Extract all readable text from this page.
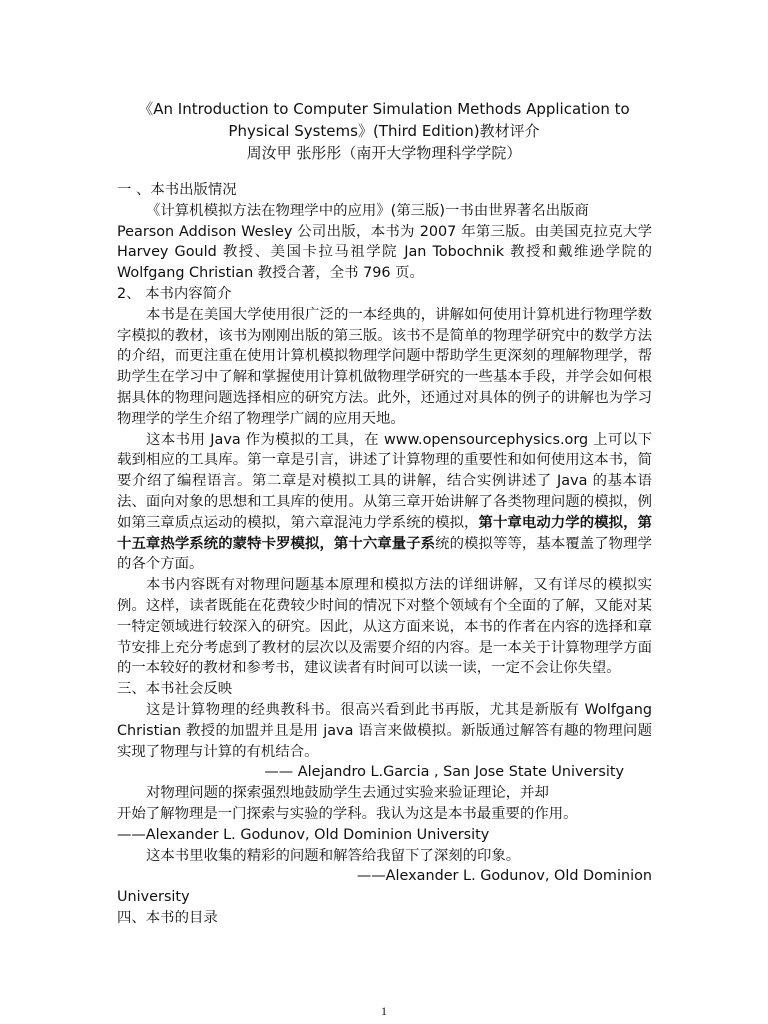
《An Introduction to Computer Simulation Methods Application to
Physical Systems》(Third Edition)教材评介
周汝甲 张彤彤（南开大学物理科学学院）

一 、本书出版情况

《计算机模拟方法在物理学中的应用》(第三版)一书由世界著名出版商

Pearson Addison Wesley 公司出版，本书为 2007 年第三版。由美国克拉克大学 Harvey Gould 教授、美国卡拉马祖学院 Jan Tobochnik 教授和戴维逊学院的 Wolfgang Christian 教授合著，全书 796 页。

2、 本书内容简介

本书是在美国大学使用很广泛的一本经典的，讲解如何使用计算机进行物理学数字模拟的教材，该书为刚刚出版的第三版。该书不是简单的物理学研究中的数学方法的介绍，而更注重在使用计算机模拟物理学问题中帮助学生更深刻的理解物理学，帮助学生在学习中了解和掌握使用计算机做物理学研究的一些基本手段，并学会如何根据具体的物理问题选择相应的研究方法。此外，还通过对具体的例子的讲解也为学习物理学的学生介绍了物理学广阔的应用天地。

这本书用 Java 作为模拟的工具，在 www.opensourcephysics.org 上可以下载到相应的工具库。第一章是引言，讲述了计算物理的重要性和如何使用这本书，简要介绍了编程语言。第二章是对模拟工具的讲解，结合实例讲述了 Java 的基本语法、面向对象的思想和工具库的使用。从第三章开始讲解了各类物理问题的模拟，例如第三章质点运动的模拟，第六章混沌力学系统的模拟，第十章电动力学的模拟，第十五章热学系统的蒙特卡罗模拟，第十六章量子系统的模拟等等，基本覆盖了物理学的各个方面。

本书内容既有对物理问题基本原理和模拟方法的详细讲解，又有详尽的模拟实例。这样，读者既能在花费较少时间的情况下对整个领域有个全面的了解，又能对某一特定领域进行较深入的研究。因此，从这方面来说，本书的作者在内容的选择和章节安排上充分考虑到了教材的层次以及需要介绍的内容。是一本关于计算物理学方面的一本较好的教材和参考书，建议读者有时间可以读一读，一定不会让你失望。

三、本书社会反映

这是计算物理的经典教科书。很高兴看到此书再版，尤其是新版有 Wolfgang Christian 教授的加盟并且是用 java 语言来做模拟。新版通过解答有趣的物理问题实现了物理与计算的有机结合。

—— Alejandro L.Garcia , San Jose State University

对物理问题的探索强烈地鼓励学生去通过实验来验证理论，并却

开始了解物理是一门探索与实验的学科。我认为这是本书最重要的作用。

——Alexander L. Godunov, Old Dominion University

这本书里收集的精彩的问题和解答给我留下了深刻的印象。

——Alexander L. Godunov, Old Dominion

University

四、本书的目录

1
